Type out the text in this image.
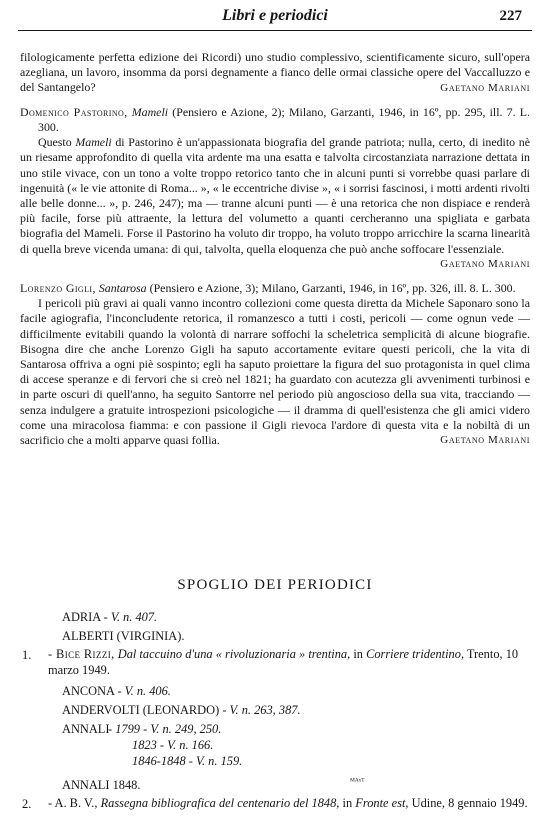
Libri e periodici	227

filologicamente perfetta edizione dei Ricordi) uno studio complessivo, scientificamente sicuro, sull'opera azegliana, un lavoro, insomma da porsi degnamente a fianco delle ormai classiche opere del Vaccalluzzo e del Santangelo?	Gaetano Mariani

Domenico Pastorino, Mameli (Pensiero e Azione, 2); Milano, Garzanti, 1946, in 16º, pp. 295, ill. 7. L. 300.

Questo Mameli di Pastorino è un'appassionata biografia del grande patriota; nulla, certo, di inedito nè un riesame approfondito di quella vita ardente ma una esatta e talvolta circostanziata narrazione dettata in uno stile vivace, con un tono a volte troppo retorico tanto che in alcuni punti si vorrebbe quasi parlare di ingenuità (« le vie attonite di Roma... », « le eccentriche divise », « i sorrisi fascinosi, i motti ardenti rivolti alle belle donne... », p. 246, 247); ma — tranne alcuni punti — è una retorica che non dispiace e renderà più facile, forse più attraente, la lettura del volumetto a quanti cercheranno una spigliata e garbata biografia del Mameli. Forse il Pastorino ha voluto dir troppo, ha voluto troppo arricchire la scarna linearità di quella breve vicenda umana: di qui, talvolta, quella eloquenza che può anche soffocare l'essenziale.

Gaetano Mariani

Lorenzo Gigli, Santarosa (Pensiero e Azione, 3); Milano, Garzanti, 1946, in 16º, pp. 326, ill. 8. L. 300.

I pericoli più gravi ai quali vanno incontro collezioni come questa diretta da Michele Saponaro sono la facile agiografia, l'inconcludente retorica, il romanzesco a tutti i costi, pericoli — come ognun vede — difficilmente evitabili quando la volontà di narrare soffochi la scheletrica semplicità di alcune biografie. Bisogna dire che anche Lorenzo Gigli ha saputo accortamente evitare questi pericoli, che la vita di Santarosa offriva a ogni piè sospinto; egli ha saputo proiettare la figura del suo protagonista in quel clima di accese speranze e di fervori che si creò nel 1821; ha guardato con acutezza gli avvenimenti turbinosi e in parte oscuri di quell'anno, ha seguito Santorre nel periodo più angoscioso della sua vita, tracciando — senza indulgere a gratuite introspezioni psicologiche — il dramma di quell'esistenza che gli amici videro come una miracolosa fiamma: e con passione il Gigli rievoca l'ardore di questa vita e la nobiltà di un sacrificio che a molti apparve quasi follia.	Gaetano Mariani

SPOGLIO DEI PERIODICI
ADRIA - V. n. 407.
ALBERTI (VIRGINIA).
1. - Bice Rizzi, Dal taccuino d'una « rivoluzionaria » trentina, in Corriere tridentino, Trento, 10 marzo 1949.
ANCONA - V. n. 406.
ANDERVOLTI (LEONARDO) - V. n. 263, 387.
ANNALI
- 1799 - V. n. 249, 250.
1823 - V. n. 166.
1846-1848 - V. n. 159.
ANNALI 1848.	ᴹᴬˣᵀ
2. - A. B. V., Rassegna bibliografica del centenario del 1848, in Fronte est, Udine, 8 gennaio 1949.
